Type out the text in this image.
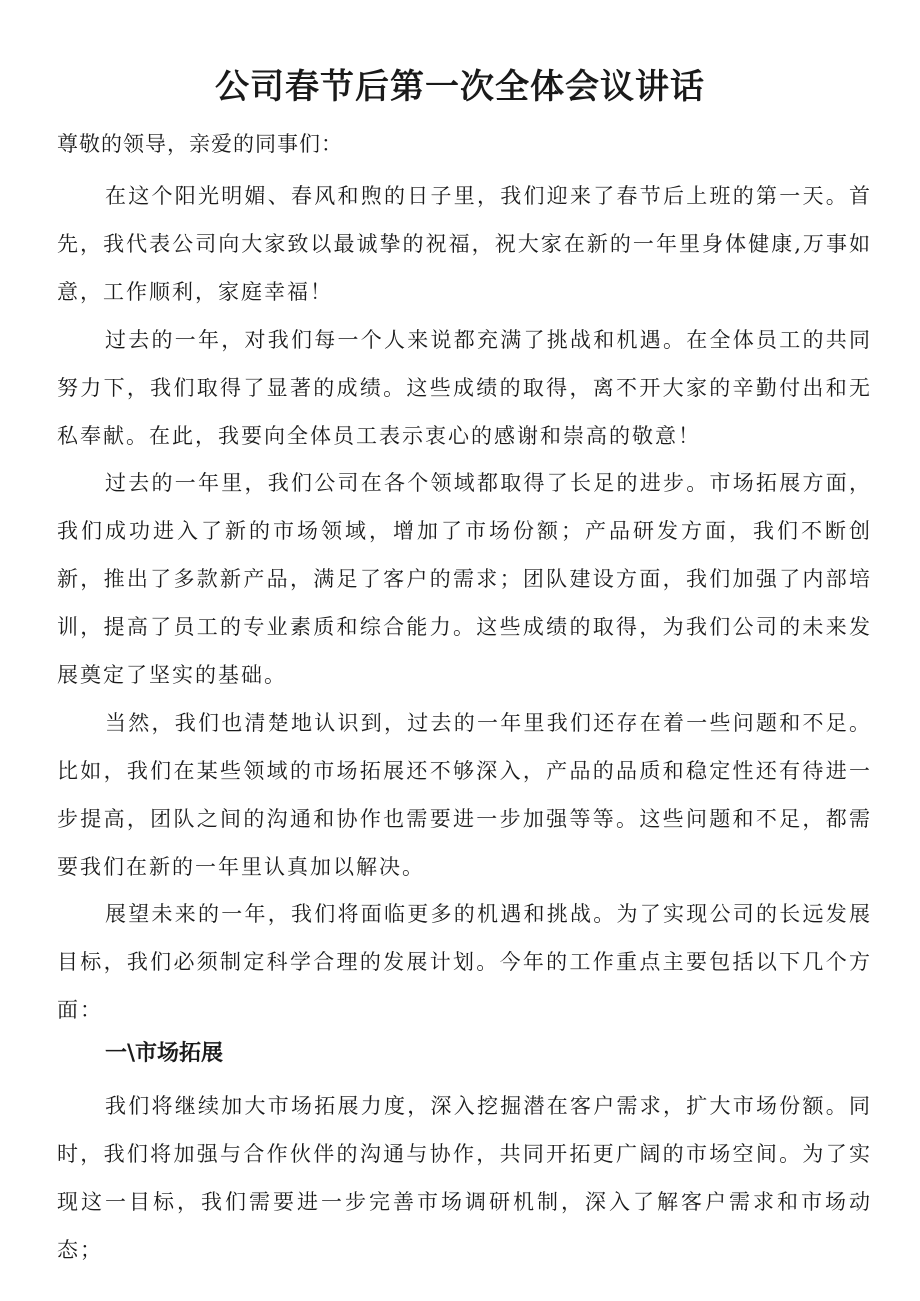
公司春节后第一次全体会议讲话

尊敬的领导，亲爱的同事们：

在这个阳光明媚、春风和煦的日子里，我们迎来了春节后上班的第一天。首先，我代表公司向大家致以最诚挚的祝福，祝大家在新的一年里身体健康,万事如意，工作顺利，家庭幸福！

过去的一年，对我们每一个人来说都充满了挑战和机遇。在全体员工的共同努力下，我们取得了显著的成绩。这些成绩的取得，离不开大家的辛勤付出和无私奉献。在此，我要向全体员工表示衷心的感谢和崇高的敬意！

过去的一年里，我们公司在各个领域都取得了长足的进步。市场拓展方面，我们成功进入了新的市场领域，增加了市场份额；产品研发方面，我们不断创新，推出了多款新产品，满足了客户的需求；团队建设方面，我们加强了内部培训，提高了员工的专业素质和综合能力。这些成绩的取得，为我们公司的未来发展奠定了坚实的基础。

当然，我们也清楚地认识到，过去的一年里我们还存在着一些问题和不足。比如，我们在某些领域的市场拓展还不够深入，产品的品质和稳定性还有待进一步提高，团队之间的沟通和协作也需要进一步加强等等。这些问题和不足，都需要我们在新的一年里认真加以解决。

展望未来的一年，我们将面临更多的机遇和挑战。为了实现公司的长远发展目标，我们必须制定科学合理的发展计划。今年的工作重点主要包括以下几个方面：

一\市场拓展

我们将继续加大市场拓展力度，深入挖掘潜在客户需求，扩大市场份额。同时，我们将加强与合作伙伴的沟通与协作，共同开拓更广阔的市场空间。为了实现这一目标，我们需要进一步完善市场调研机制，深入了解客户需求和市场动态；
